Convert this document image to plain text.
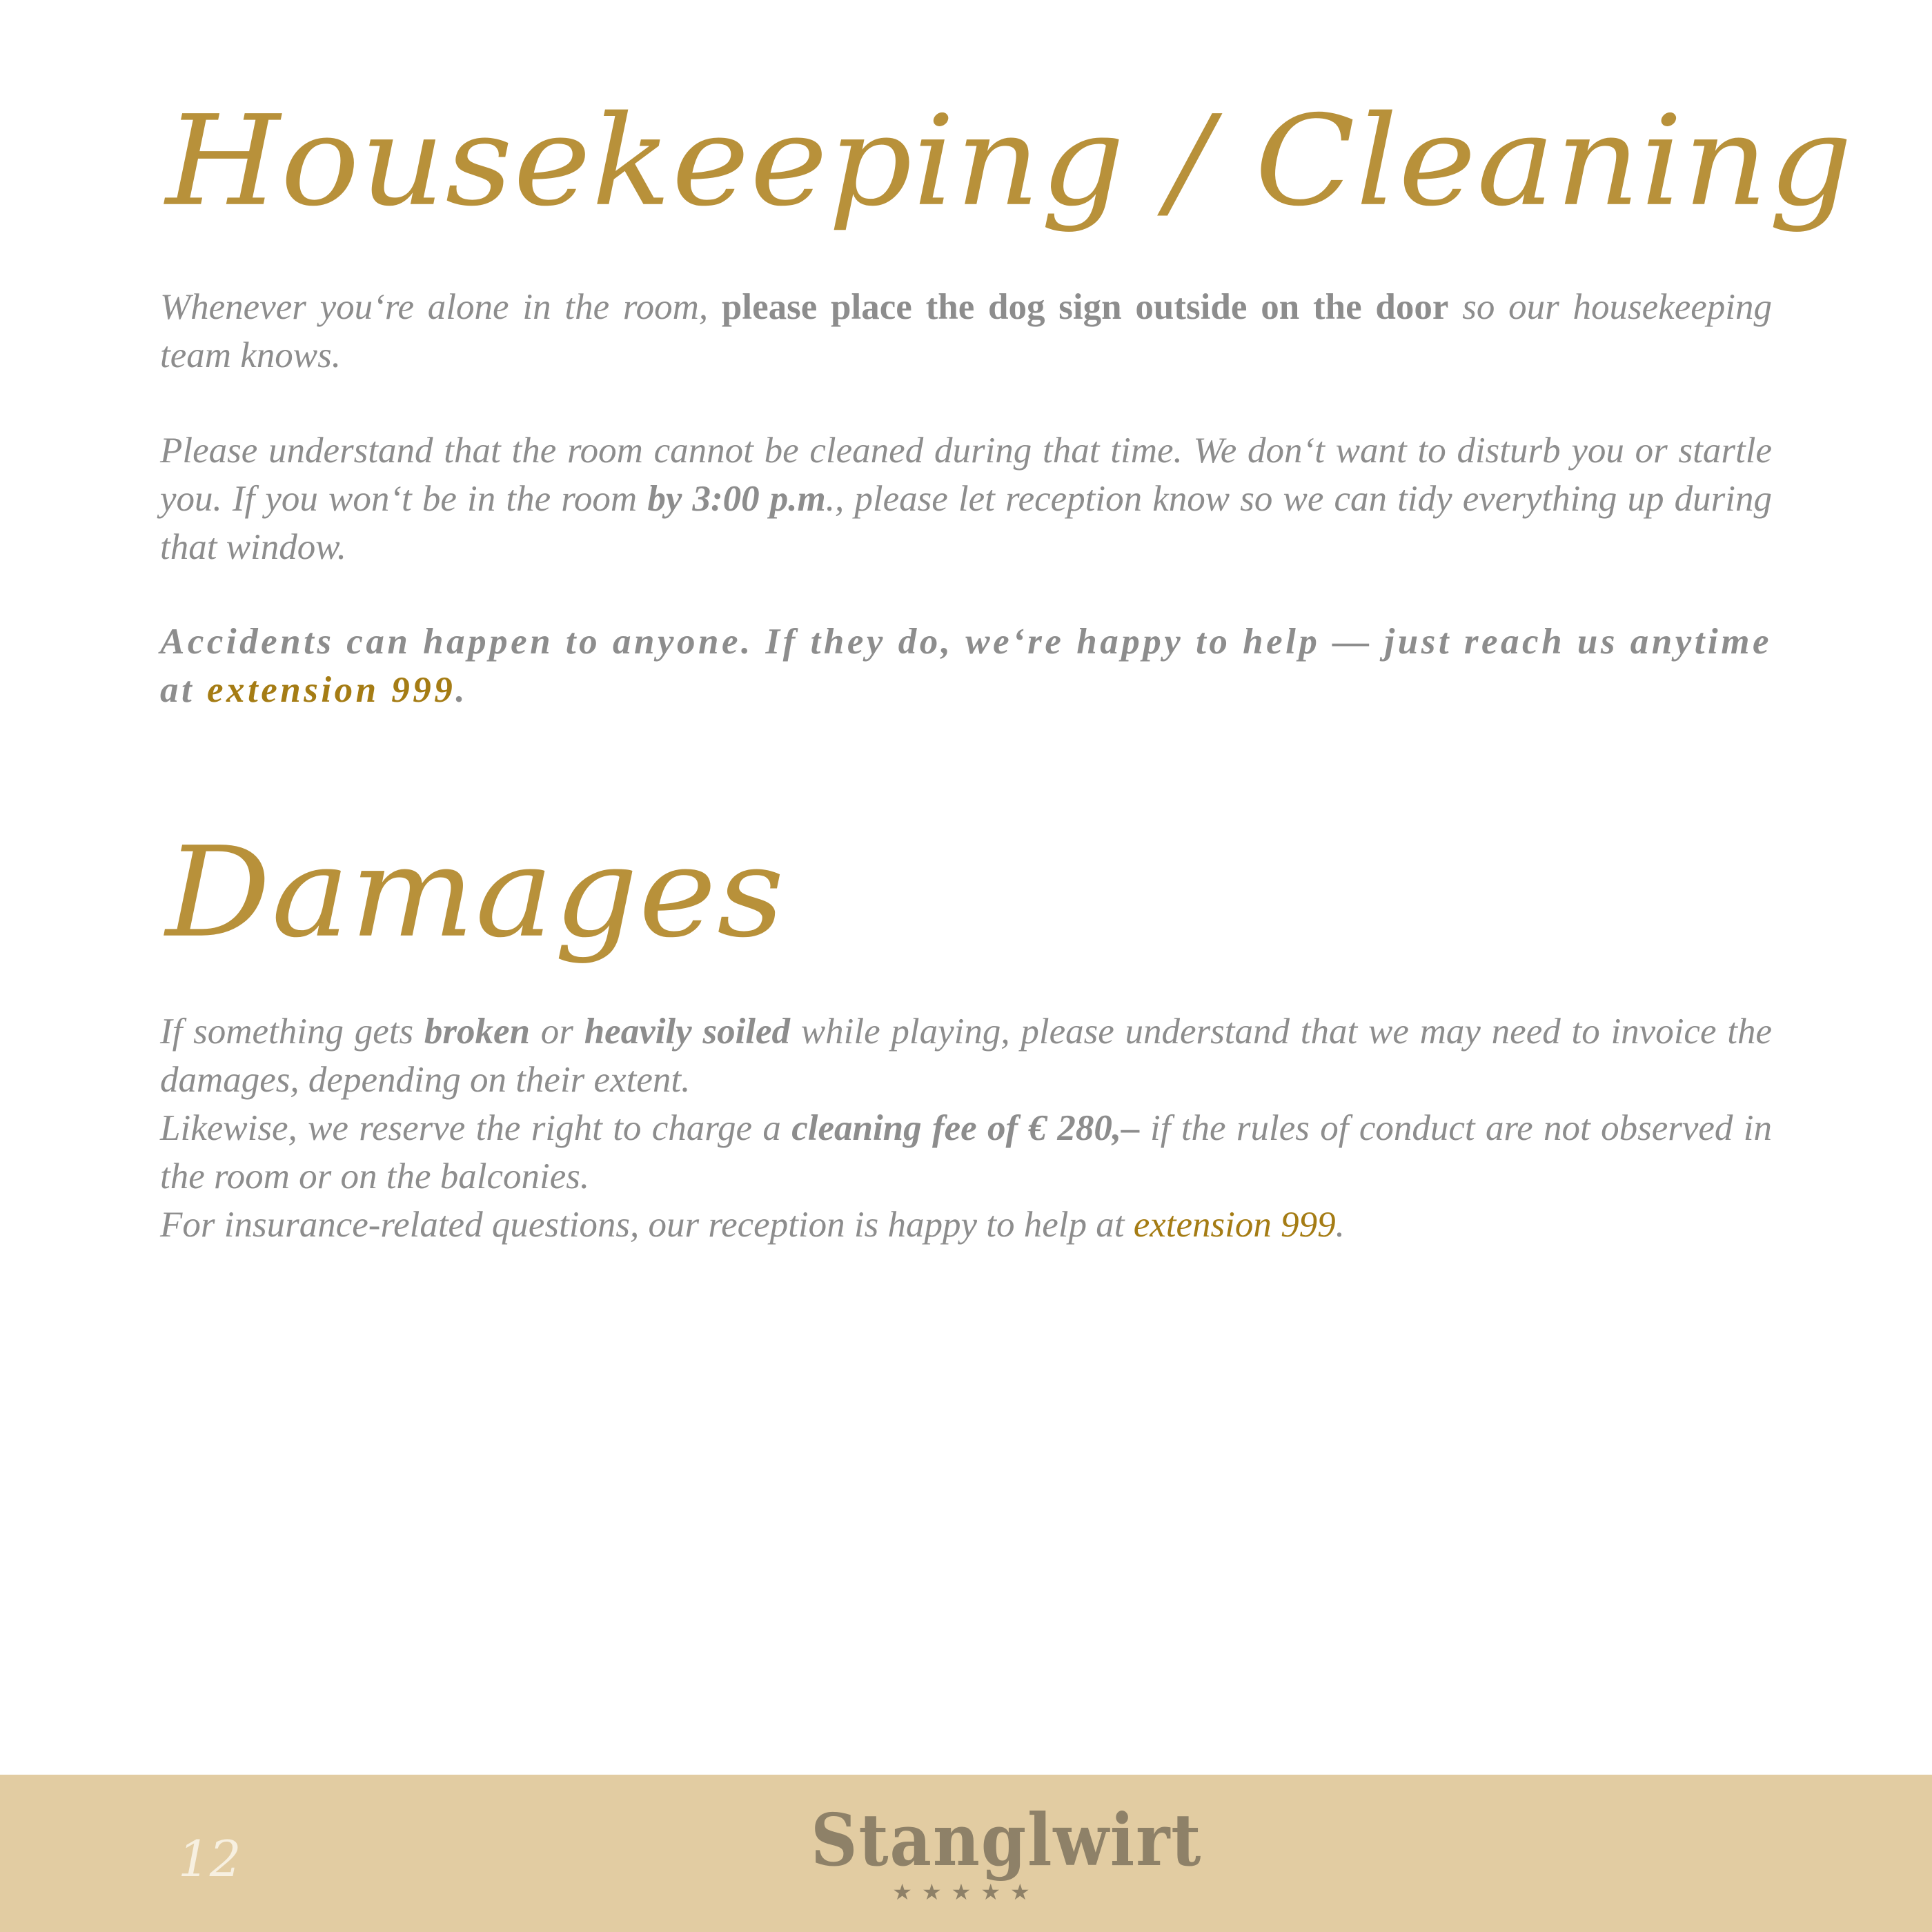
Housekeeping / Cleaning

Whenever you‘re alone in the room, please place the dog sign outside on the door so our housekeeping team knows.

Please understand that the room cannot be cleaned during that time. We don‘t want to disturb you or startle you. If you won‘t be in the room by 3:00 p.m., please let reception know so we can tidy everything up during that window.

Accidents can happen to anyone. If they do, we‘re happy to help — just reach us anytime at extension 999.

Damages
If something gets broken or heavily soiled while playing, please understand that we may need to invoice the damages, depending on their extent.
Likewise, we reserve the right to charge a cleaning fee of € 280,– if the rules of conduct are not observed in the room or on the balconies.
For insurance-related questions, our reception is happy to help at extension 999.

12	Stanglwirt
★★★★★
